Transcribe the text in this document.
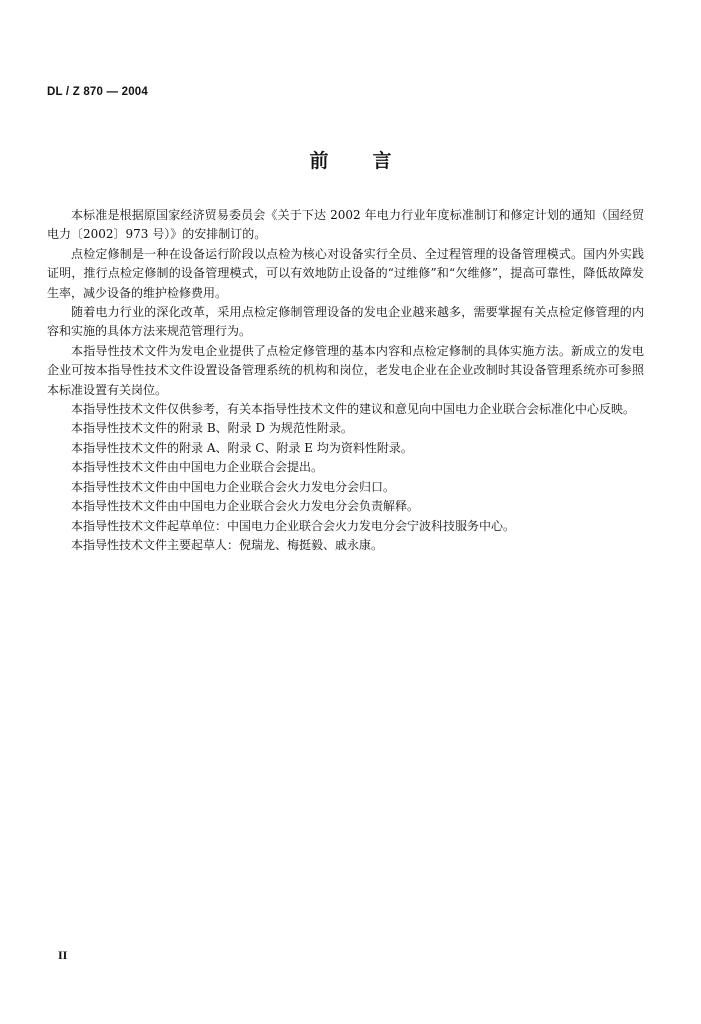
DL / Z 870 — 2004
前言

本标准是根据原国家经济贸易委员会《关于下达 2002 年电力行业年度标准制订和修定计划的通知（国经贸电力〔2002〕973 号）》的安排制订的。

点检定修制是一种在设备运行阶段以点检为核心对设备实行全员、全过程管理的设备管理模式。国内外实践证明，推行点检定修制的设备管理模式，可以有效地防止设备的“过维修”和“欠维修”，提高可靠性，降低故障发生率，减少设备的维护检修费用。

随着电力行业的深化改革，采用点检定修制管理设备的发电企业越来越多，需要掌握有关点检定修管理的内容和实施的具体方法来规范管理行为。

本指导性技术文件为发电企业提供了点检定修管理的基本内容和点检定修制的具体实施方法。新成立的发电企业可按本指导性技术文件设置设备管理系统的机构和岗位，老发电企业在企业改制时其设备管理系统亦可参照本标准设置有关岗位。

本指导性技术文件仅供参考，有关本指导性技术文件的建议和意见向中国电力企业联合会标准化中心反映。

本指导性技术文件的附录 B、附录 D 为规范性附录。

本指导性技术文件的附录 A、附录 C、附录 E 均为资料性附录。

本指导性技术文件由中国电力企业联合会提出。

本指导性技术文件由中国电力企业联合会火力发电分会归口。

本指导性技术文件由中国电力企业联合会火力发电分会负责解释。

本指导性技术文件起草单位：中国电力企业联合会火力发电分会宁波科技服务中心。

本指导性技术文件主要起草人：倪瑞龙、梅挺毅、戚永康。

II
